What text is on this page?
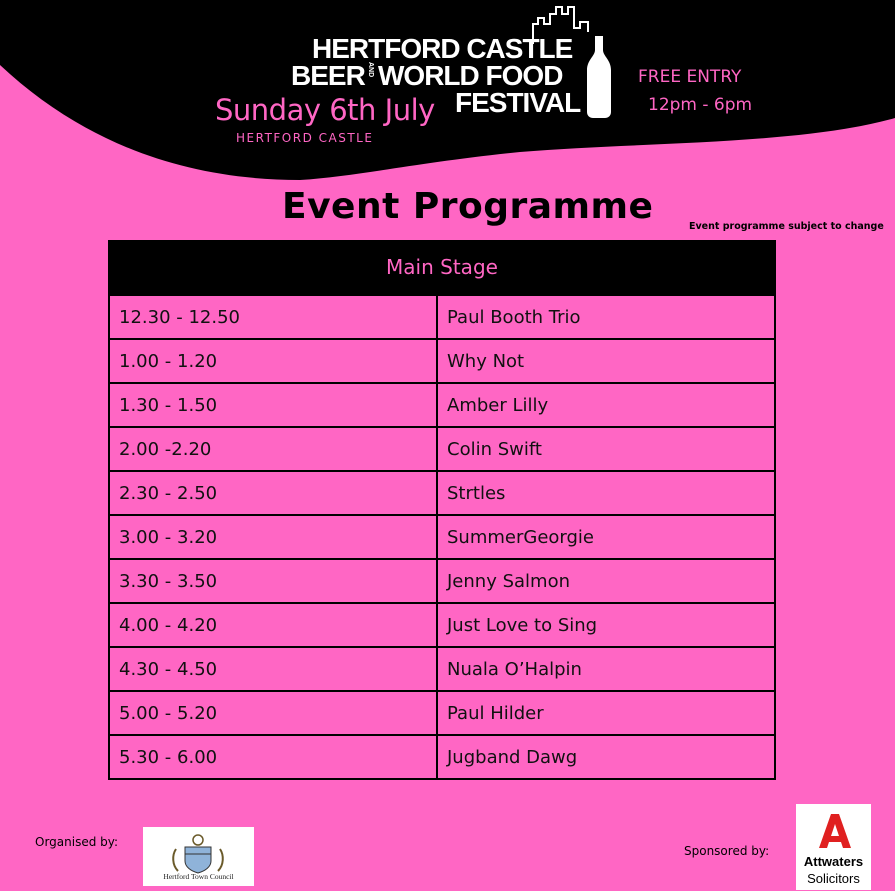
HERTFORD CASTLE
BEER AND WORLD FOOD
FESTIVAL
Sunday 6th July
HERTFORD CASTLE
FREE ENTRY
12pm - 6pm
Event Programme	Event programme subject to change
Main Stage
12.30 - 12.50	Paul Booth Trio
1.00 - 1.20	Why Not
1.30 - 1.50	Amber Lilly
2.00 -2.20	Colin Swift
2.30 - 2.50	Strtles
3.00 - 3.20	SummerGeorgie
3.30 - 3.50	Jenny Salmon
4.00 - 4.20	Just Love to Sing
4.30 - 4.50	Nuala O’Halpin
5.00 - 5.20	Paul Hilder
5.30 - 6.00	Jugband Dawg
Organised by:
Hertford Town Council
Sponsored by:
Attwaters
Solicitors
